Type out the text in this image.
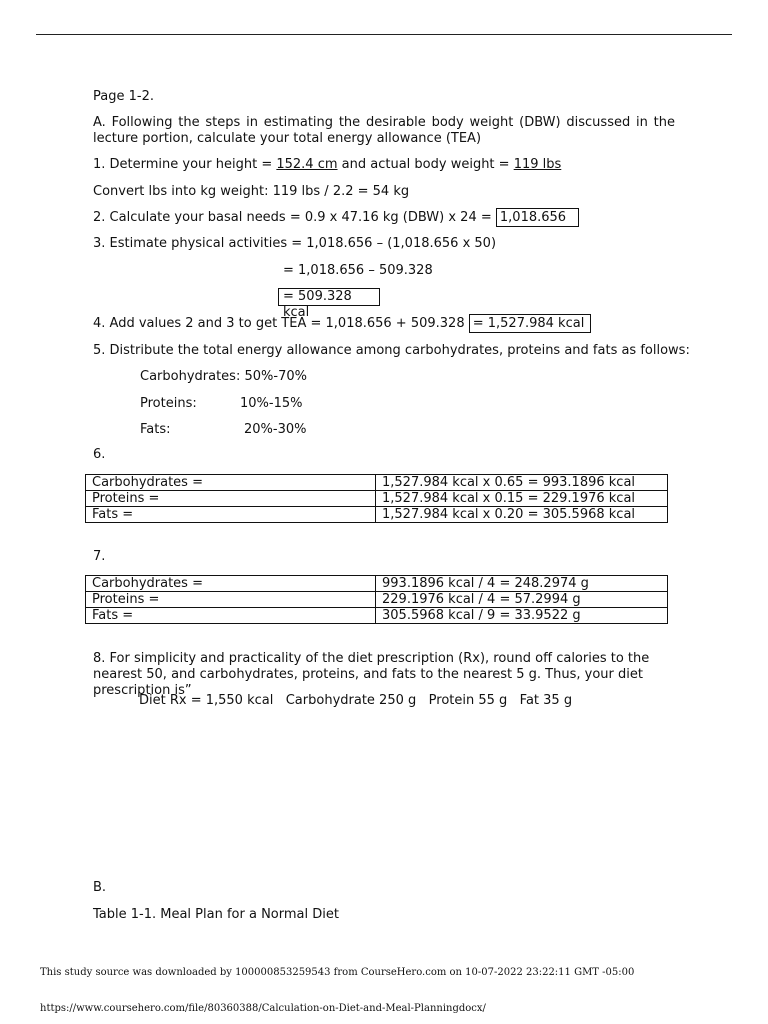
Page 1-2.
A. Following the steps in estimating the desirable body weight (DBW) discussed in the lecture portion, calculate your total energy allowance (TEA)
1. Determine your height = 152.4 cm and actual body weight = 119 lbs
Convert lbs into kg weight: 119 lbs / 2.2 = 54 kg
2. Calculate your basal needs = 0.9 x 47.16 kg (DBW) x 24 = 1,018.656
3. Estimate physical activities = 1,018.656 – (1,018.656 x 50)
= 1,018.656 – 509.328
= 509.328 kcal
4. Add values 2 and 3 to get TEA = 1,018.656 + 509.328 = 1,527.984 kcal
5. Distribute the total energy allowance among carbohydrates, proteins and fats as follows:
Carbohydrates: 50%-70%
Proteins:	10%-15%
Fats:	20%-30%
6.
Carbohydrates =	1,527.984 kcal x 0.65 = 993.1896 kcal
Proteins =	1,527.984 kcal x 0.15 = 229.1976 kcal
Fats =	1,527.984 kcal x 0.20 = 305.5968 kcal
7.
Carbohydrates =	993.1896 kcal / 4 = 248.2974 g
Proteins =	229.1976 kcal / 4 = 57.2994 g
Fats =	305.5968 kcal / 9 = 33.9522 g
8. For simplicity and practicality of the diet prescription (Rx), round off calories to the nearest 50, and carbohydrates, proteins, and fats to the nearest 5 g. Thus, your diet prescription is”
Diet Rx = 1,550 kcal   Carbohydrate 250 g   Protein 55 g   Fat 35 g
B.
Table 1-1. Meal Plan for a Normal Diet
This study source was downloaded by 100000853259543 from CourseHero.com on 10-07-2022 23:22:11 GMT -05:00
https://www.coursehero.com/file/80360388/Calculation-on-Diet-and-Meal-Planningdocx/
